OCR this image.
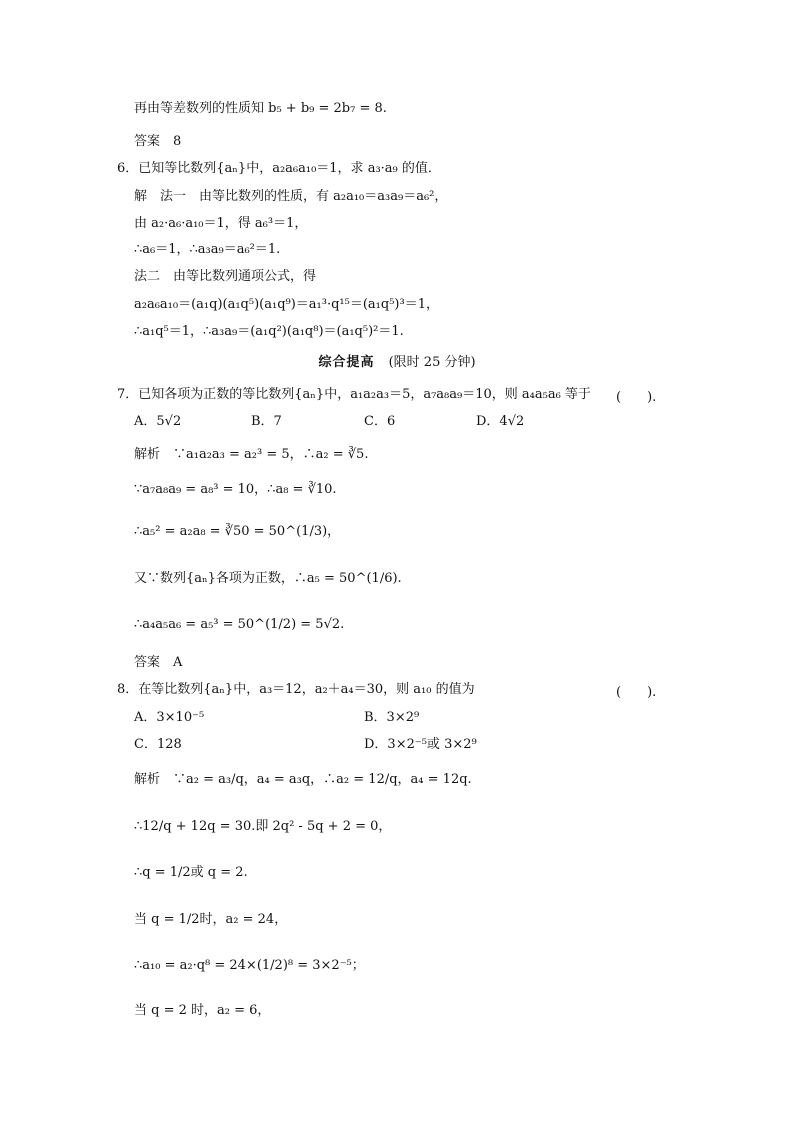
再由等差数列的性质知 b₅ + b₉ = 2b₇ = 8.
答案　8
6．已知等比数列{aₙ}中，a₂a₆a₁₀＝1，求 a₃·a₉ 的值．
解　法一　由等比数列的性质，有 a₂a₁₀＝a₃a₉＝a₆²，
由 a₂·a₆·a₁₀＝1，得 a₆³＝1，
∴a₆＝1，∴a₃a₉＝a₆²＝1.
法二　由等比数列通项公式，得
a₂a₆a₁₀＝(a₁q)(a₁q⁵)(a₁q⁹)＝a₁³·q¹⁵＝(a₁q⁵)³＝1，
∴a₁q⁵＝1，∴a₃a₉＝(a₁q²)(a₁q⁸)＝(a₁q⁵)²＝1.
综合提高 (限时 25 分钟)
7．已知各项为正数的等比数列{aₙ}中，a₁a₂a₃＝5，a₇a₈a₉＝10，则 a₄a₅a₆ 等于 (　　).
A．5√2	B．7	C．6	D．4√2
解析　∵a₁a₂a₃ = a₂³ = 5，∴a₂ = ∛5.
∵a₇a₈a₉ = a₈³ = 10，∴a₈ = ∛10.
∴a₅² = a₂a₈ = ∛50 = 50^(1/3)，
又∵数列{aₙ}各项为正数，∴a₅ = 50^(1/6).
∴a₄a₅a₆ = a₅³ = 50^(1/2) = 5√2.
答案　A
8．在等比数列{aₙ}中，a₃＝12，a₂＋a₄＝30，则 a₁₀ 的值为	(　　).
A．3×10⁻⁵	B．3×2⁹
C．128	D．3×2⁻⁵或 3×2⁹
解析　∵a₂ = a₃/q，a₄ = a₃q，∴a₂ = 12/q，a₄ = 12q.
∴12/q + 12q = 30.即 2q² - 5q + 2 = 0，
∴q = 1/2或 q = 2.
当 q = 1/2时，a₂ = 24，
∴a₁₀ = a₂·q⁸ = 24×(1/2)⁸ = 3×2⁻⁵；
当 q = 2 时，a₂ = 6，
